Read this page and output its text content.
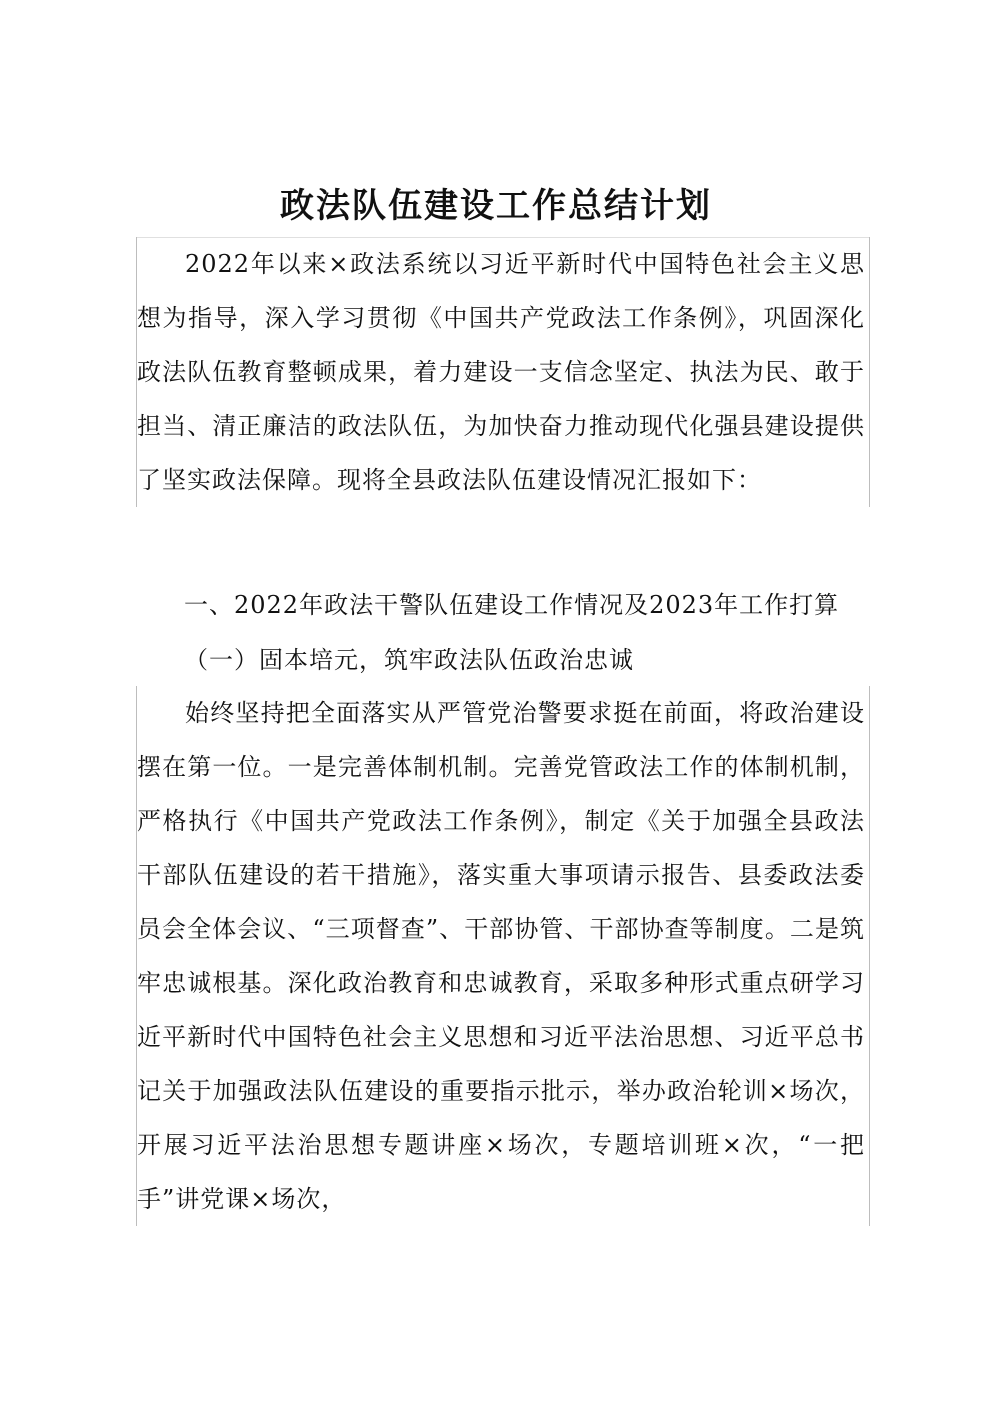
政法队伍建设工作总结计划

2022年以来×政法系统以习近平新时代中国特色社会主义思想为指导，深入学习贯彻《中国共产党政法工作条例》，巩固深化政法队伍教育整顿成果，着力建设一支信念坚定、执法为民、敢于担当、清正廉洁的政法队伍，为加快奋力推动现代化强县建设提供了坚实政法保障。现将全县政法队伍建设情况汇报如下：

一、2022年政法干警队伍建设工作情况及2023年工作打算

（一）固本培元，筑牢政法队伍政治忠诚

始终坚持把全面落实从严管党治警要求挺在前面，将政治建设摆在第一位。一是完善体制机制。完善党管政法工作的体制机制，严格执行《中国共产党政法工作条例》，制定《关于加强全县政法干部队伍建设的若干措施》，落实重大事项请示报告、县委政法委员会全体会议、“三项督查”、干部协管、干部协查等制度。二是筑牢忠诚根基。深化政治教育和忠诚教育，采取多种形式重点研学习近平新时代中国特色社会主义思想和习近平法治思想、习近平总书记关于加强政法队伍建设的重要指示批示，举办政治轮训×场次，开展习近平法治思想专题讲座×场次，专题培训班×次，“一把手”讲党课×场次，
